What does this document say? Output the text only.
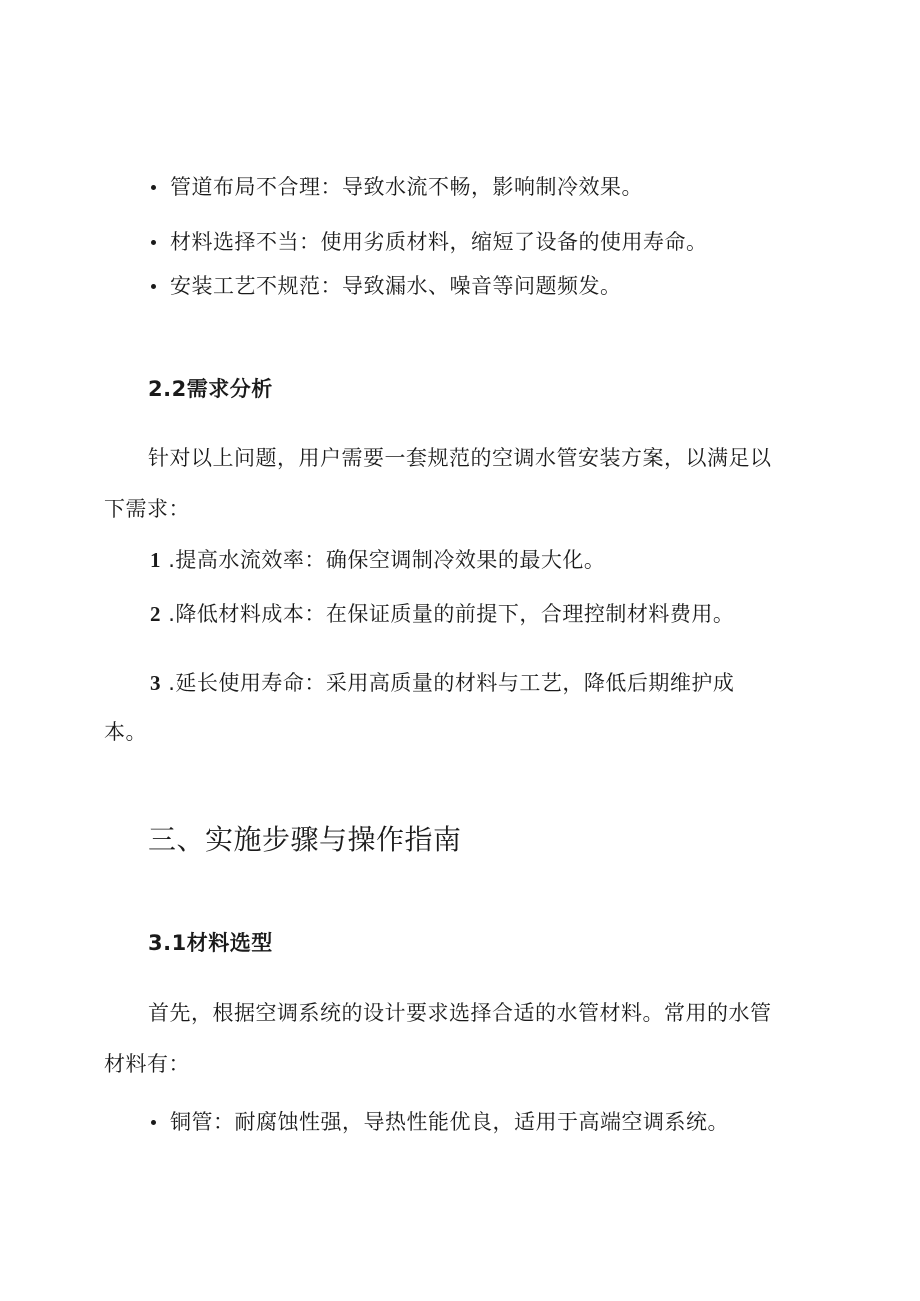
管道布局不合理：导致水流不畅，影响制冷效果。
材料选择不当：使用劣质材料，缩短了设备的使用寿命。
安装工艺不规范：导致漏水、噪音等问题频发。
2.2需求分析
针对以上问题，用户需要一套规范的空调水管安装方案，以满足以
下需求：
1 .提高水流效率：确保空调制冷效果的最大化。
2 .降低材料成本：在保证质量的前提下，合理控制材料费用。
3 .延长使用寿命：采用高质量的材料与工艺，降低后期维护成
本。
三、实施步骤与操作指南
3.1材料选型
首先，根据空调系统的设计要求选择合适的水管材料。常用的水管
材料有：
铜管：耐腐蚀性强，导热性能优良，适用于高端空调系统。
